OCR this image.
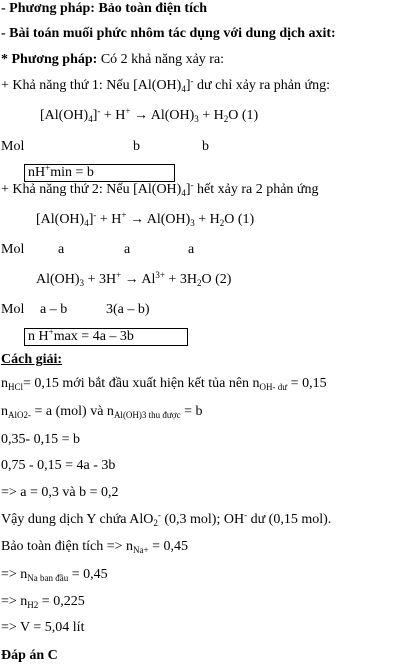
- Phương pháp: Bảo toàn điện tích
- Bài toán muối phức nhôm tác dụng với dung dịch axit:
* Phương pháp: Có 2 khả năng xảy ra:
+ Khả năng thứ 1: Nếu $[Al(OH)_4]^-$ dư chỉ xảy ra phản ứng:
$[Al(OH)_4]^- + H^+ \to Al(OH)_3 + H_2O$ (1)
Mol	b	b
nH+min = b
+ Khả năng thứ 2: Nếu $[Al(OH)_4]^-$ hết xảy ra 2 phản ứng
$[Al(OH)_4]^- + H^+ \to Al(OH)_3 + H_2O$ (1)
Mol a	a	a
$Al(OH)_3 + 3H^+ \to Al^{3+} + 3H_2O$ (2)
Mol a – b	3(a – b)
n H+max = 4a – 3b
Cách giải:
$n_{HCl}= 0,15$ mới bắt đầu xuất hiện kết tủa nên $n_{OH- dư} = 0,15$
$n_{AlO2-} = a$ (mol) và $n_{Al(OH)3 thu được} = b$
0,35- 0,15 = b
0,75 - 0,15 = 4a - 3b
=> a = 0,3 và b = 0,2
Vậy dung dịch Y chứa AlO$_2$- (0,3 mol); OH- dư (0,15 mol).
Bảo toàn điện tích => $n_{Na+} = 0,45$
=> $n_{Na ban đầu} = 0,45$
=> $n_{H2} = 0,225$
=> V = 5,04 lít
Đáp án C
